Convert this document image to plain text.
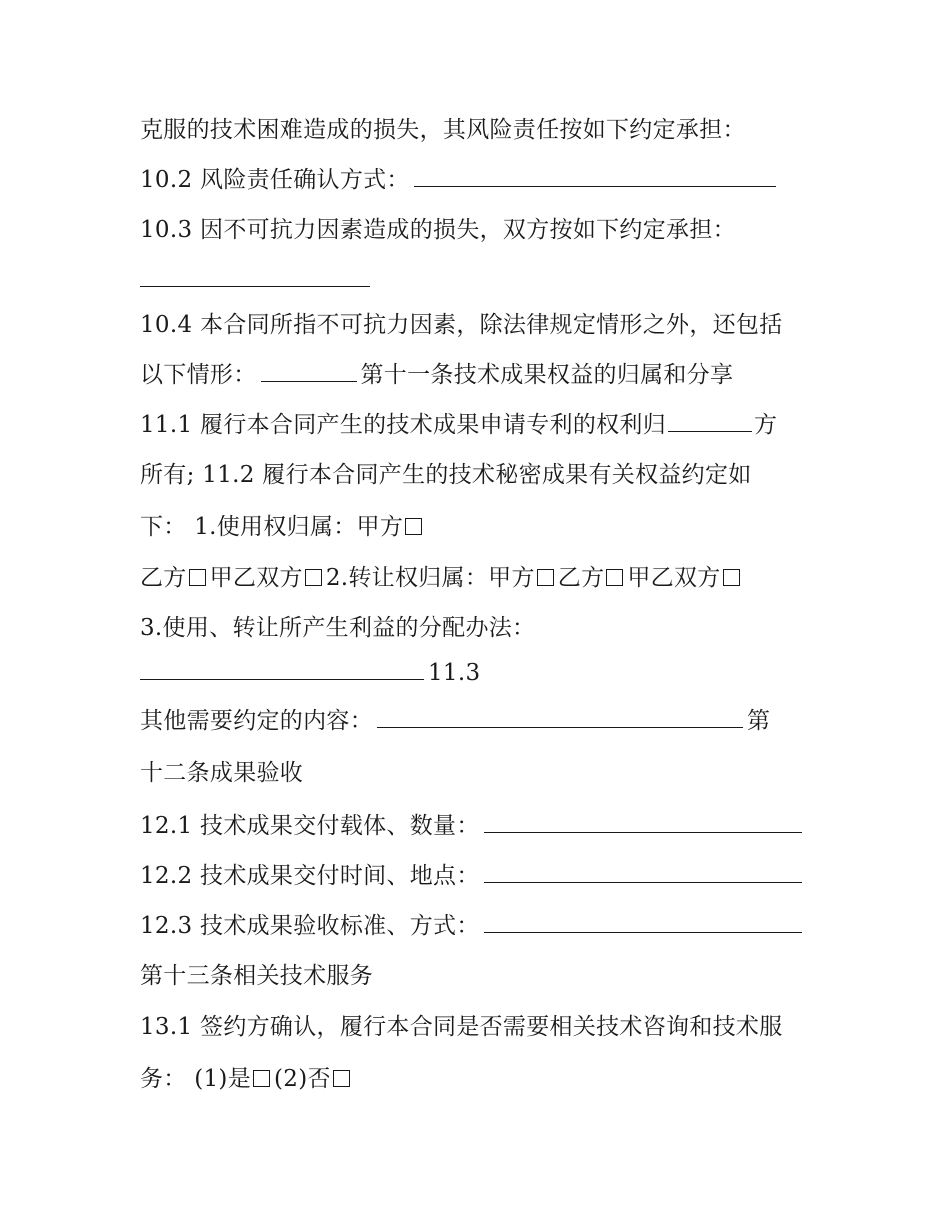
克服的技术困难造成的损失，其风险责任按如下约定承担：
10.2 风险责任确认方式：
10.3 因不可抗力因素造成的损失，双方按如下约定承担：
10.4 本合同所指不可抗力因素，除法律规定情形之外，还包括
以下情形：	第十一条技术成果权益的归属和分享
11.1 履行本合同产生的技术成果申请专利的权利归	方
所有; 11.2 履行本合同产生的技术秘密成果有关权益约定如
下： 1.使用权归属：甲方
乙方 甲乙双方 2.转让权归属：甲方 乙方 甲乙双方
3.使用、转让所产生利益的分配办法：
11.3
其他需要约定的内容：	第
十二条成果验收
12.1 技术成果交付载体、数量：
12.2 技术成果交付时间、地点：
12.3 技术成果验收标准、方式：
第十三条相关技术服务
13.1 签约方确认，履行本合同是否需要相关技术咨询和技术服
务： (1)是 (2)否
